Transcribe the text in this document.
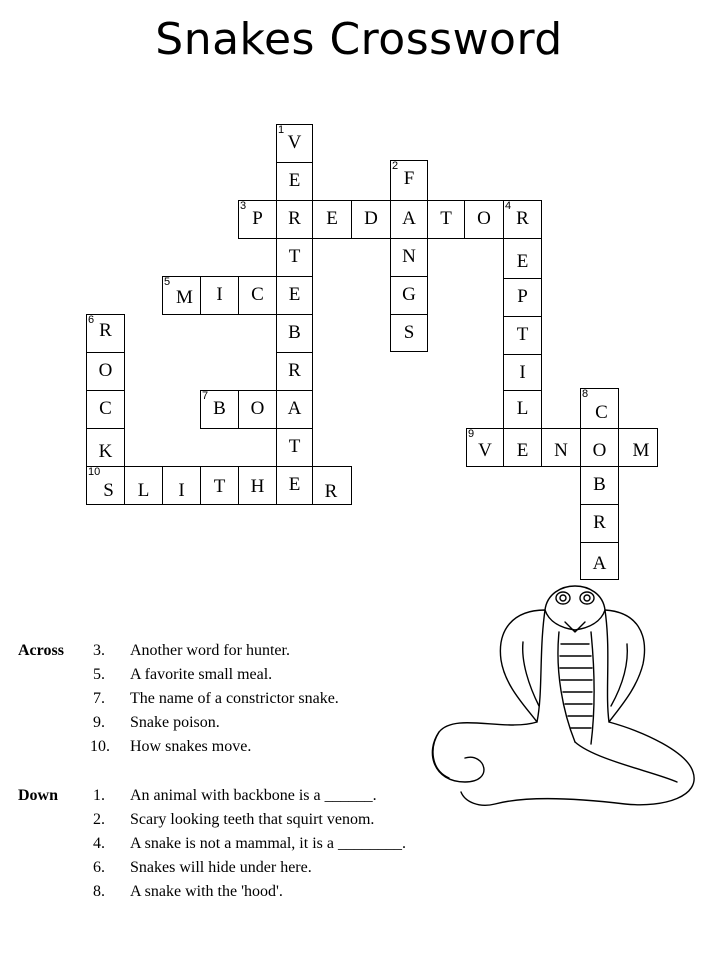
Snakes Crossword
1
V
E
R
T
E
B
R
A
T
E
2
F
A
N
G
S
3
P	E	D	T	O
4
R
E
P
T
I
L
5
M	I	C
6 R
O
C
K
7
B	O
8
C
B
R
A
9
V	E	N	O	M
10
S	L	I	T	H	R
Across 3. Another word for hunter.
5. A favorite small meal.
7. The name of a constrictor snake.
9. Snake poison.
10. How snakes move.
Down 1. An animal with backbone is a ______.
2. Scary looking teeth that squirt venom.
4. A snake is not a mammal, it is a ________.
6. Snakes will hide under here.
8. A snake with the 'hood'.
